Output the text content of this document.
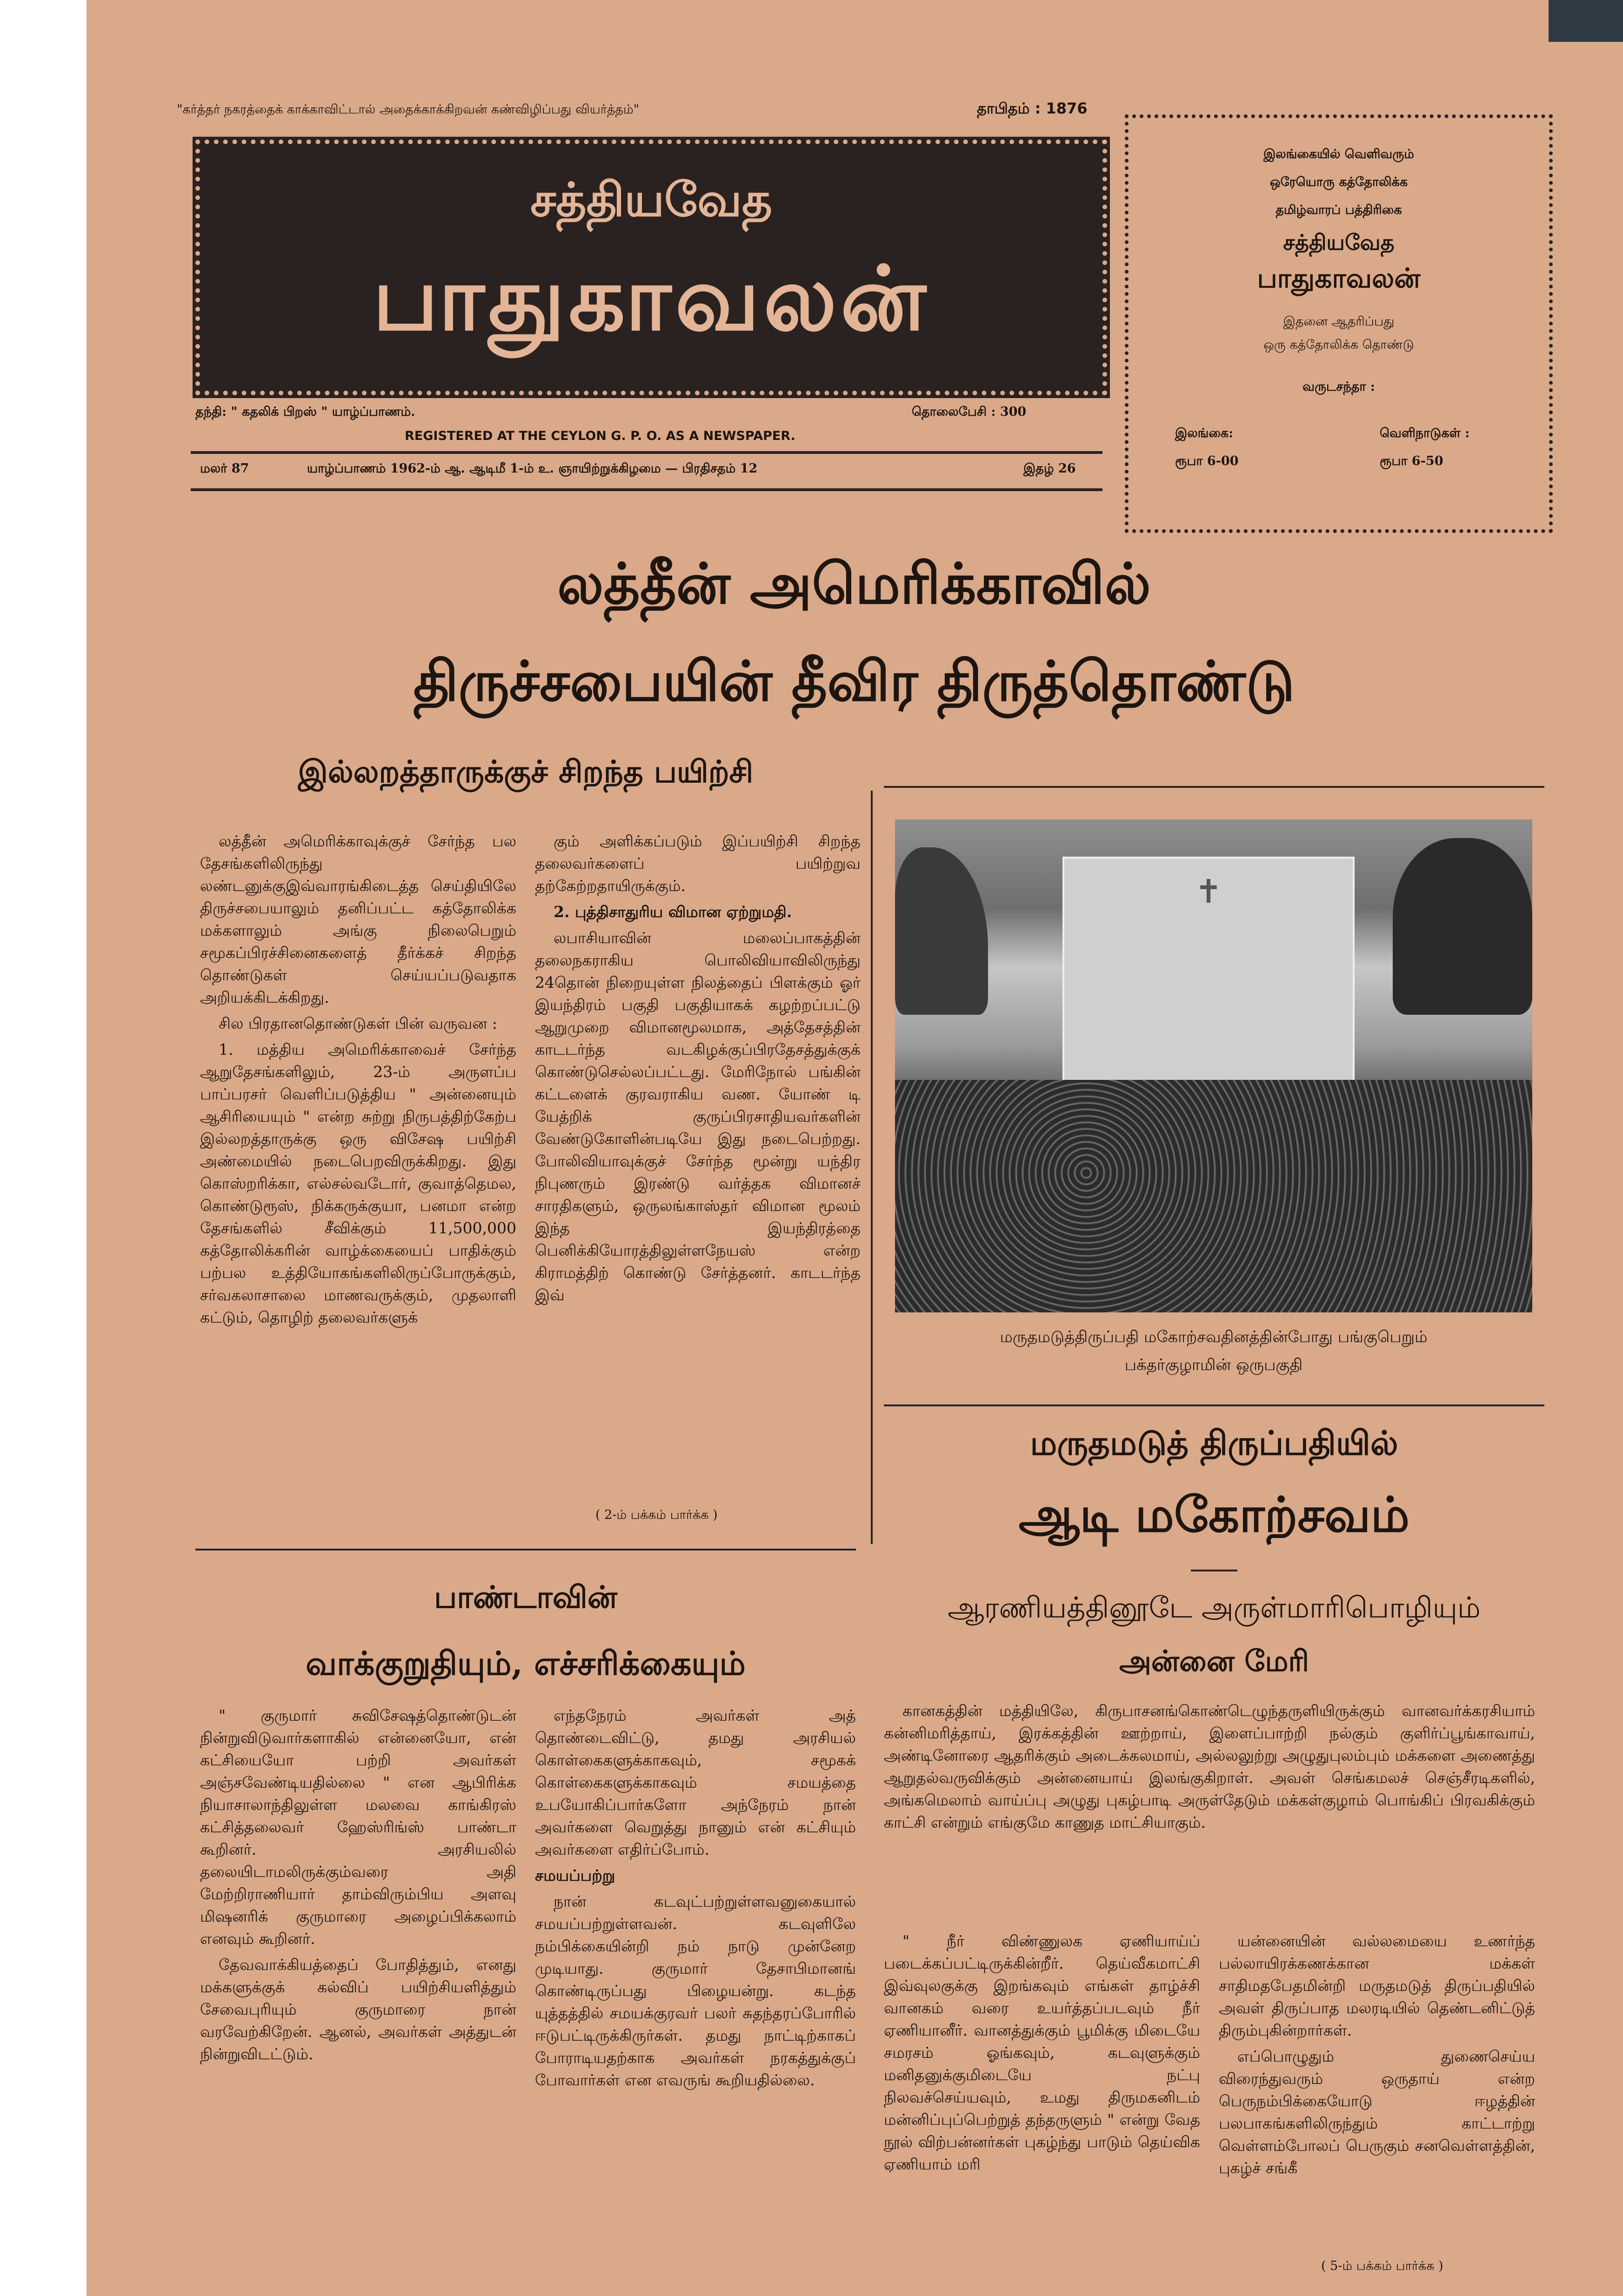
"கர்த்தர் நகரத்தைக் காக்காவிட்டால் அதைக்காக்கிறவன் கண்விழிப்பது வியர்த்தம்"	தாபிதம் : 1876
சத்தியவேத
பாதுகாவலன்
தந்தி: " கதலிக் பிறஸ் " யாழ்ப்பாணம்.	தொலைபேசி : 300
REGISTERED AT THE CEYLON G. P. O. AS A NEWSPAPER.
மலர் 87	யாழ்ப்பாணம் 1962-ம் ஆ. ஆடிமீ 1-ம் உ. ஞாயிற்றுக்கிழமை — பிரதிசதம் 12	இதழ் 26
இலங்கையில் வெளிவரும்
ஒரேயொரு கத்தோலிக்க
தமிழ்வாரப் பத்திரிகை
சத்தியவேத
பாதுகாவலன்
இதனை ஆதரிப்பது
ஒரு கத்தோலிக்க தொண்டு
வருடசந்தா :
இலங்கை:	வெளிநாடுகள் :
ரூபா 6-00	ரூபா 6-50
லத்தீன் அமெரிக்காவில்
திருச்சபையின் தீவிர திருத்தொண்டு
இல்லறத்தாருக்குச் சிறந்த பயிற்சி

லத்தீன் அமெரிக்காவுக்குச் சேர்ந்த பல தேசங்களிலிருந்து லண்டனுக்குஇவ்வாரங்கிடைத்த செய்தியிலே திருச்சபையாலும் தனிப்பட்ட கத்தோலிக்க மக்களாலும் அங்கு நிலைபெறும் சமூகப்பிரச்சினைகளைத் தீர்க்கச் சிறந்த தொண்டுகள் செய்யப்படுவதாக அறியக்கிடக்கிறது.

சில பிரதானதொண்டுகள் பின் வருவன :

1. மத்திய அமெரிக்காவைச் சேர்ந்த ஆறுதேசங்களிலும், 23-ம் அருளப்ப பாப்பரசர் வெளிப்படுத்திய " அன்னையும் ஆசிரியையும் " என்ற சுற்று நிருபத்திற்கேற்ப இல்லறத்தாருக்கு ஒரு விசேஷ பயிற்சி அண்மையில் நடைபெறவிருக்கிறது. இது கொஸ்றரிக்கா, எல்சல்வடோர், குவாத்தெமல, கொண்டுரூஸ், நிக்கருக்குயா, பனமா என்ற தேசங்களில் சீவிக்கும் 11,500,000 கத்தோலிக்கரின் வாழ்க்கையைப் பாதிக்கும் பற்பல உத்தியோகங்களிலிருப்போருக்கும், சர்வகலாசாலை மாணவருக்கும், முதலாளி கட்டும், தொழிற் தலைவர்களுக்

கும் அளிக்கப்படும் இப்பயிற்சி சிறந்த தலைவர்களைப் பயிற்றுவ தற்கேற்றதாயிருக்கும்.

2. புத்திசாதுரிய விமான ஏற்றுமதி.

லபாசியாவின் மலைப்பாகத்தின் தலைநகராகிய பொலிவியாவிலிருந்து 24தொன் நிறையுள்ள நிலத்தைப் பிளக்கும் ஓர் இயந்திரம் பகுதி பகுதியாகக் கழற்றப்பட்டு ஆறுமுறை விமானமூலமாக, அத்தேசத்தின் காடடர்ந்த வடகிழக்குப்பிரதேசத்துக்குக் கொண்டுசெல்லப்பட்டது. மேரிநோல் பங்கின் கட்டளைக் குரவராகிய வண. யோண் டி யேத்றிக் குருப்பிரசாதியவர்களின் வேண்டுகோளின்படியே இது நடைபெற்றது. போலிவியாவுக்குச் சேர்ந்த மூன்று யந்திர நிபுணரும் இரண்டு வர்த்தக விமானச் சாரதிகளும், ஒருலங்காஸ்தர் விமான மூலம் இந்த இயந்திரத்தை பெனிக்கியோரத்திலுள்ளநேயஸ் என்ற கிராமத்திற் கொண்டு சேர்த்தனர். காடடர்ந்த இவ்

( 2-ம் பக்கம் பார்க்க )
✝
மருதமடுத்திருப்பதி மகோற்சவதினத்தின்போது பங்குபெறும்
பக்தர்குழாமின் ஒருபகுதி
மருதமடுத் திருப்பதியில்
ஆடி மகோற்சவம்
ஆரணியத்தினூடே அருள்மாரிபொழியும்
அன்னை மேரி

கானகத்தின் மத்தியிலே, கிருபாசனங்கொண்டெழுந்தருளியிருக்கும் வானவர்க்கரசியாம் கன்னிமரித்தாய், இரக்கத்தின் ஊற்றாய், இளைப்பாற்றி நல்கும் குளிர்ப்பூங்காவாய், அண்டினோரை ஆதரிக்கும் அடைக்கலமாய், அல்லலுற்று அழுதுபுலம்பும் மக்களை அணைத்து ஆறுதல்வருவிக்கும் அன்னையாய் இலங்குகிறாள். அவள் செங்கமலச் செஞ்சீரடிகளில், அங்கமெலாம் வாய்ப்பு அழுது புகழ்பாடி அருள்தேடும் மக்கள்குழாம் பொங்கிப் பிரவகிக்கும் காட்சி என்றும் எங்குமே காணுத மாட்சியாகும்.

" நீர் விண்ணுலக ஏணியாய்ப் படைக்கப்பட்டிருக்கின்றீர். தெய்வீகமாட்சி இவ்வுலகுக்கு இறங்கவும் எங்கள் தாழ்ச்சி வானகம் வரை உயர்த்தப்படவும் நீர் ஏணியானீர். வானத்துக்கும் பூமிக்கு மிடையே சமரசம் ஓங்கவும், கடவுளுக்கும் மனிதனுக்குமிடையே நட்பு நிலவச்செய்யவும், உமது திருமகனிடம் மன்னிப்புப்பெற்றுத் தந்தருளும் " என்று வேத நூல் விற்பன்னர்கள் புகழ்ந்து பாடும் தெய்விக ஏணியாம் மரி

யன்னையின் வல்லமையை உணர்ந்த பல்லாயிரக்கணக்கான மக்கள் சாதிமதபேதமின்றி மருதமடுத் திருப்பதியில் அவள் திருப்பாத மலரடியில் தெண்டனிட்டுத் திரும்புகின்றார்கள்.

எப்பொழுதும் துணைசெய்ய விரைந்துவரும் ஒருதாய் என்ற பெருநம்பிக்கையோடு ஈழத்தின் பலபாகங்களிலிருந்தும் காட்டாற்று வெள்ளம்போலப் பெருகும் சனவெள்ளத்தின், புகழ்ச் சங்கீ

( 5-ம் பக்கம் பார்க்க )
பாண்டாவின்
வாக்குறுதியும், எச்சரிக்கையும்

" குருமார் சுவிசேஷத்தொண்டுடன் நின்றுவிடுவார்களாகில் என்னையோ, என் கட்சியையோ பற்றி அவர்கள் அஞ்சவேண்டியதில்லை " என ஆபிரிக்க நியாசாலாந்திலுள்ள மலவை காங்கிரஸ் கட்சித்தலைவர் ஹேஸ்ரிங்ஸ் பாண்டா கூறினர். அரசியலில் தலையிடாமலிருக்கும்வரை அதி மேற்றிராணியார் தாம்விரும்பிய அளவு மிஷனரிக் குருமாரை அழைப்பிக்கலாம் எனவும் கூறினர்.

தேவவாக்கியத்தைப் போதித்தும், எனது மக்களுக்குக் கல்விப் பயிற்சியளித்தும் சேவைபுரியும் குருமாரை நான் வரவேற்கிறேன். ஆனல், அவர்கள் அத்துடன் நின்றுவிடட்டும்.

எந்தநேரம் அவர்கள் அத் தொண்டைவிட்டு, தமது அரசியல் கொள்கைகளுக்காகவும், சமூகக் கொள்கைகளுக்காகவும் சமயத்தை உபயோகிப்பார்களோ அந்நேரம் நான் அவர்களை வெறுத்து நானும் என் கட்சியும் அவர்களை எதிர்ப்போம்.

சமயப்பற்று

நான் கடவுட்பற்றுள்ளவனுகையால் சமயப்பற்றுள்ளவன். கடவுளிலே நம்பிக்கையின்றி நம் நாடு முன்னேற முடியாது. குருமார் தேசாபிமானங் கொண்டிருப்பது பிழையன்று. கடந்த யுத்தத்தில் சமயக்குரவர் பலர் சுதந்தரப்போரில் ஈடுபட்டிருக்கிருர்கள். தமது நாட்டிற்காகப் போராடியதற்காக அவர்கள் நரகத்துக்குப் போவார்கள் என எவருங் கூறியதில்லை.
